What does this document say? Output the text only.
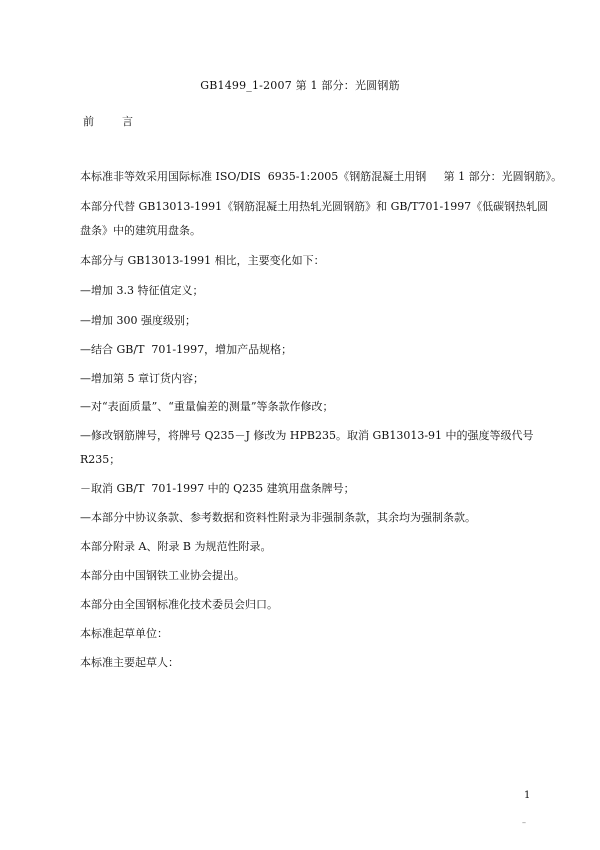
GB1499_1-2007 第 1 部分：光圆钢筋
前        言
本标准非等效采用国际标准 ISO/DIS  6935-1:2005《钢筋混凝土用钢     第 1 部分：光圆钢筋》。
本部分代替 GB13013-1991《钢筋混凝土用热轧光圆钢筋》和 GB/T701-1997《低碳钢热轧圆
盘条》中的建筑用盘条。
本部分与 GB13013-1991 相比，主要变化如下：
—增加 3.3 特征值定义；
—增加 300 强度级别；
—结合 GB/T  701-1997，增加产品规格；
—增加第 5 章订货内容；
—对“表面质量”、“重量偏差的测量”等条款作修改；
—修改钢筋牌号，将牌号 Q235－J 修改为 HPB235。取消 GB13013-91 中的强度等级代号
R235；
－取消 GB/T  701-1997 中的 Q235 建筑用盘条牌号；
—本部分中协议条款、参考数据和资料性附录为非强制条款，其余均为强制条款。
本部分附录 A、附录 B 为规范性附录。
本部分由中国钢铁工业协会提出。
本部分由全国钢标准化技术委员会归口。
本标准起草单位：
本标准主要起草人：
1
–
